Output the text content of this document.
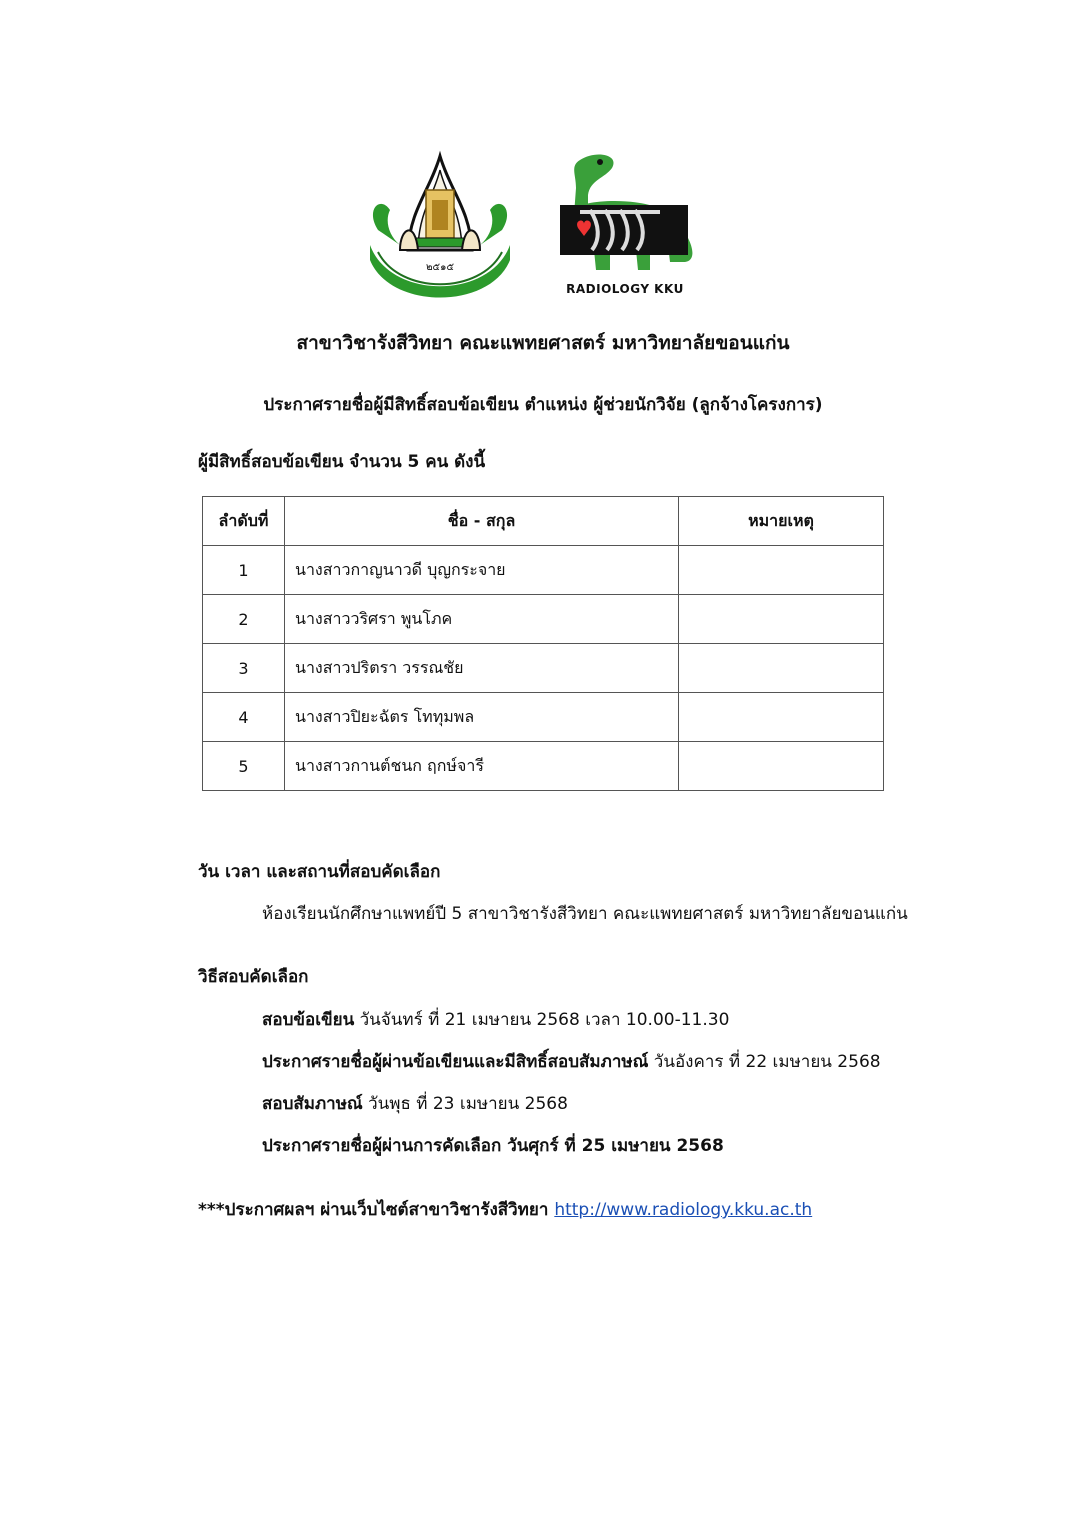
๒๕๑๕
RADIOLOGY KKU
สาขาวิชารังสีวิทยา คณะแพทยศาสตร์ มหาวิทยาลัยขอนแก่น
ประกาศรายชื่อผู้มีสิทธิ์สอบข้อเขียน ตำแหน่ง ผู้ช่วยนักวิจัย (ลูกจ้างโครงการ)
ผู้มีสิทธิ์สอบข้อเขียน จำนวน 5 คน ดังนี้
ลำดับที่	ชื่อ - สกุล	หมายเหตุ
1	นางสาวกาญนาวดี บุญกระจาย	
2	นางสาววริศรา พูนโภค	
3	นางสาวปริตรา วรรณชัย	
4	นางสาวปิยะฉัตร โททุมพล	
5	นางสาวกานต์ชนก ฤกษ์จารี	
วัน เวลา และสถานที่สอบคัดเลือก
ห้องเรียนนักศึกษาแพทย์ปี 5 สาขาวิชารังสีวิทยา คณะแพทยศาสตร์ มหาวิทยาลัยขอนแก่น
วิธีสอบคัดเลือก
สอบข้อเขียน วันจันทร์ ที่ 21 เมษายน 2568 เวลา 10.00-11.30
ประกาศรายชื่อผู้ผ่านข้อเขียนและมีสิทธิ์สอบสัมภาษณ์ วันอังคาร ที่ 22 เมษายน 2568
สอบสัมภาษณ์ วันพุธ ที่ 23 เมษายน 2568
ประกาศรายชื่อผู้ผ่านการคัดเลือก วันศุกร์ ที่ 25 เมษายน 2568
***ประกาศผลฯ ผ่านเว็บไซต์สาขาวิชารังสีวิทยา http://www.radiology.kku.ac.th
